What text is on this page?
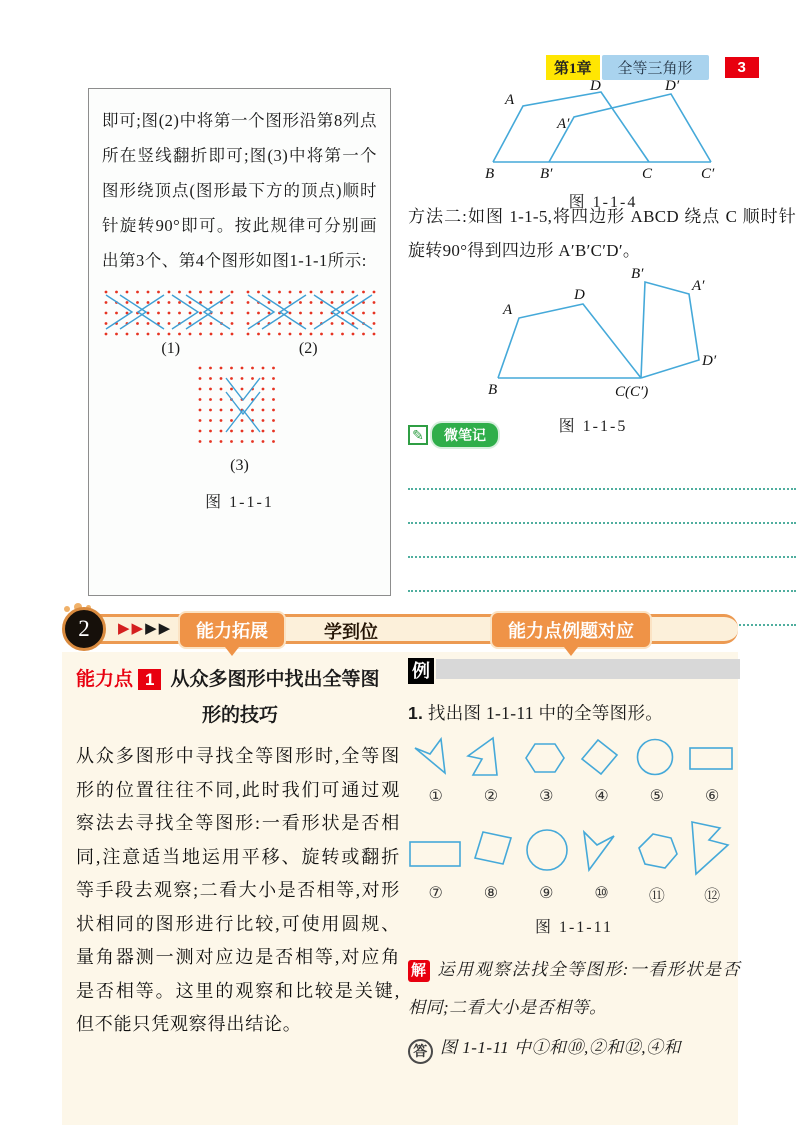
第1章	全等三角形	3
即可;图(2)中将第一个图形沿第8列点所在竖线翻折即可;图(3)中将第一个图形绕顶点(图形最下方的顶点)顺时针旋转90°即可。按此规律可分别画出第3个、第4个图形如图1-1-1所示:
(1)	(2)
(3)
图 1-1-1
A
D	D′
A′
B	B′	C	C′
图 1-1-4
方法二:如图 1-1-5,将四边形 ABCD 绕点 C 顺时针旋转90°得到四边形 A′B′C′D′。
B′
A′
D
A
D′
B	C(C′)
图 1-1-5
✎	微笔记
2	▶▶▶▶	能力拓展	学到位	能力点例题对应
能力点 1 从众多图形中找出全等图
形的技巧
从众多图形中寻找全等图形时,全等图形的位置往往不同,此时我们可通过观察法去寻找全等图形:一看形状是否相同,注意适当地运用平移、旋转或翻折等手段去观察;二看大小是否相等,对形状相同的图形进行比较,可使用圆规、量角器测一测对应边是否相等,对应角是否相等。这里的观察和比较是关键,但不能只凭观察得出结论。
例
1. 找出图 1-1-11 中的全等图形。
①	②	③	④	⑤	⑥
⑦	⑧	⑨	⑩	⑪	⑫
图 1-1-11
解 运用观察法找全等图形:一看形状是否相同;二看大小是否相等。
答 图 1-1-11 中①和⑩,②和⑫,④和
